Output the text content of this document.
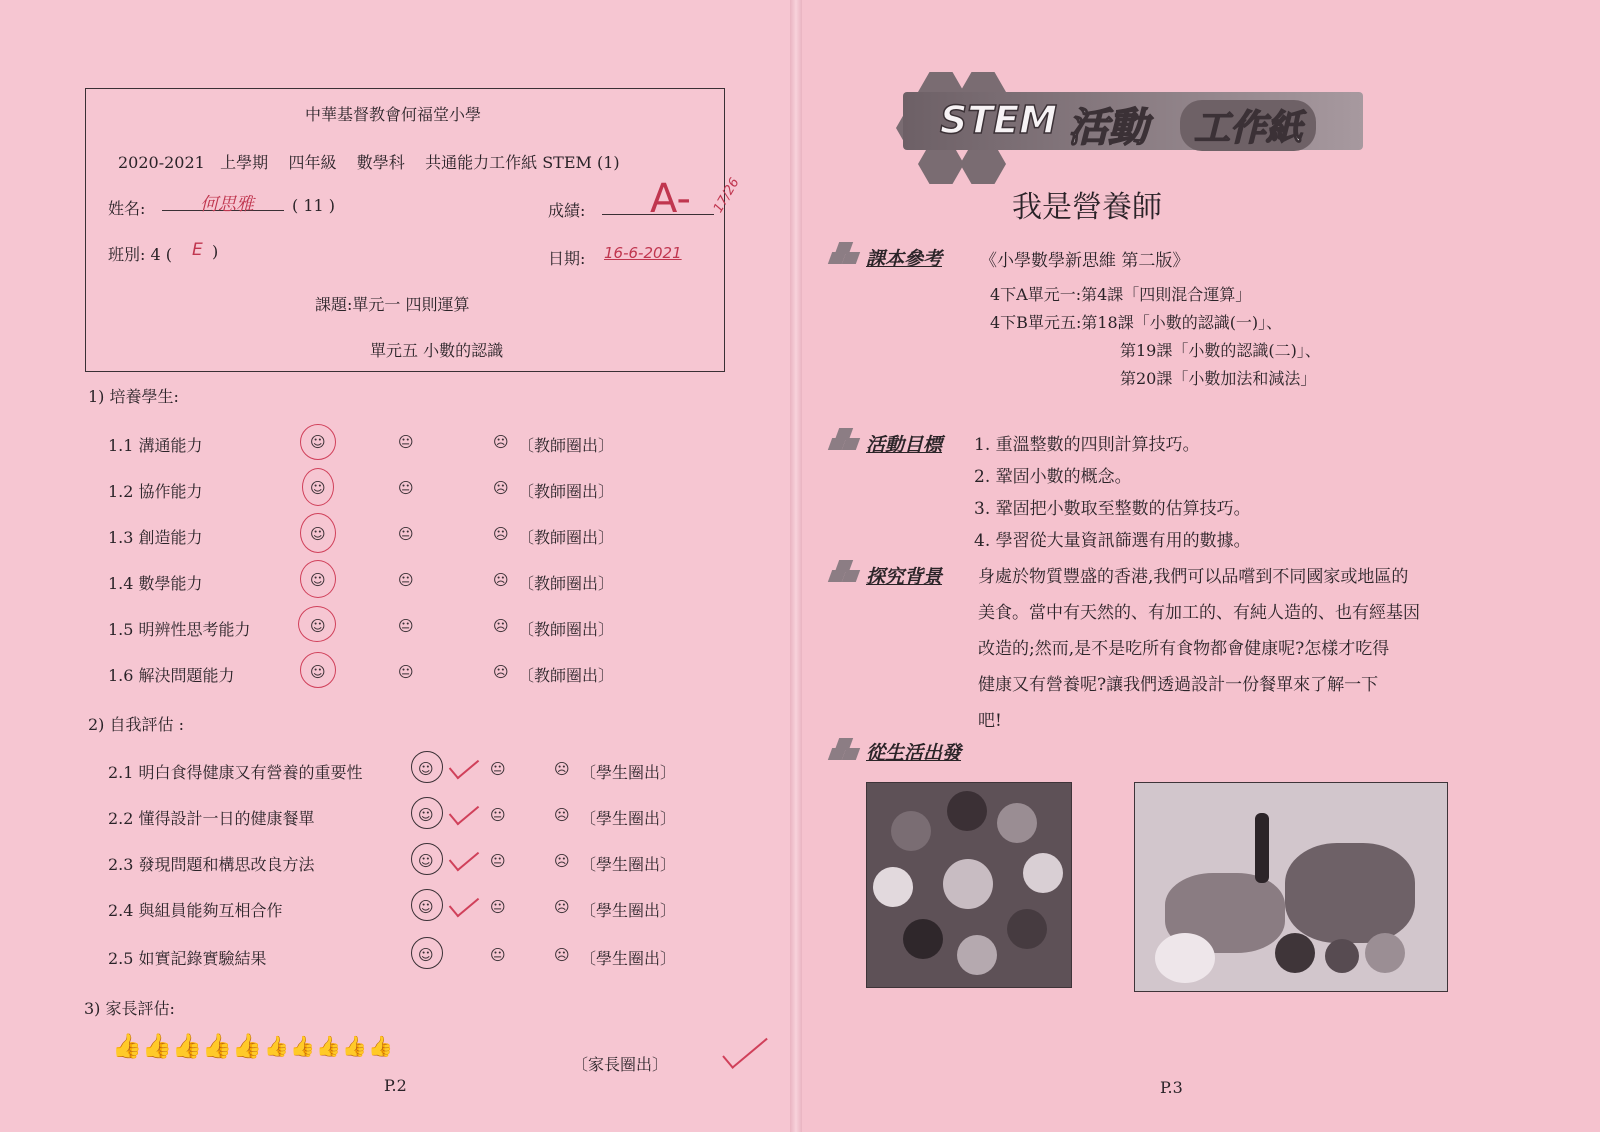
中華基督教會何福堂小學
2020-2021   上學期    四年級    數學科    共通能力工作紙 STEM (1)
姓名:	何思雅 ( 11 )	成績: A- 17/26
班別: 4 ( E )	日期: 16-6-2021
課題:單元一 四則運算
單元五 小數的認識
1) 培養學生:
1.1 溝通能力	☺	😐	☹ 〔教師圈出〕
1.2 協作能力	☺	😐	☹ 〔教師圈出〕
1.3 創造能力	☺	😐	☹ 〔教師圈出〕
1.4 數學能力	☺	😐	☹ 〔教師圈出〕
1.5 明辨性思考能力	☺	😐	☹ 〔教師圈出〕
1.6 解決問題能力	☺	😐	☹ 〔教師圈出〕
2) 自我評估 :
2.1 明白食得健康又有營養的重要性	☺	😐	☹ 〔學生圈出〕
2.2 懂得設計一日的健康餐單	☺	😐	☹ 〔學生圈出〕
2.3 發現問題和構思改良方法	☺	😐	☹ 〔學生圈出〕
2.4 與組員能夠互相合作	☺	😐	☹ 〔學生圈出〕
2.5 如實記錄實驗結果	☺	😐	☹ 〔學生圈出〕
3) 家長評估:
👍 👍 👍 👍 👍 👍 👍 👍 👍 👍
〔家長圈出〕
P.2
STEM 活動	工作紙
我是營養師
課本參考 《小學數學新思維 第二版》
4下A單元一:第4課「四則混合運算」
4下B單元五:第18課「小數的認識(一)」、
第19課「小數的認識(二)」、
第20課「小數加法和減法」
活動目標 1. 重溫整數的四則計算技巧。
2. 鞏固小數的概念。
3. 鞏固把小數取至整數的估算技巧。
4. 學習從大量資訊篩選有用的數據。
探究背景 身處於物質豐盛的香港,我們可以品嚐到不同國家或地區的
美食。當中有天然的、有加工的、有純人造的、也有經基因
改造的;然而,是不是吃所有食物都會健康呢?怎樣才吃得
健康又有營養呢?讓我們透過設計一份餐單來了解一下
吧!
從生活出發
P.3
